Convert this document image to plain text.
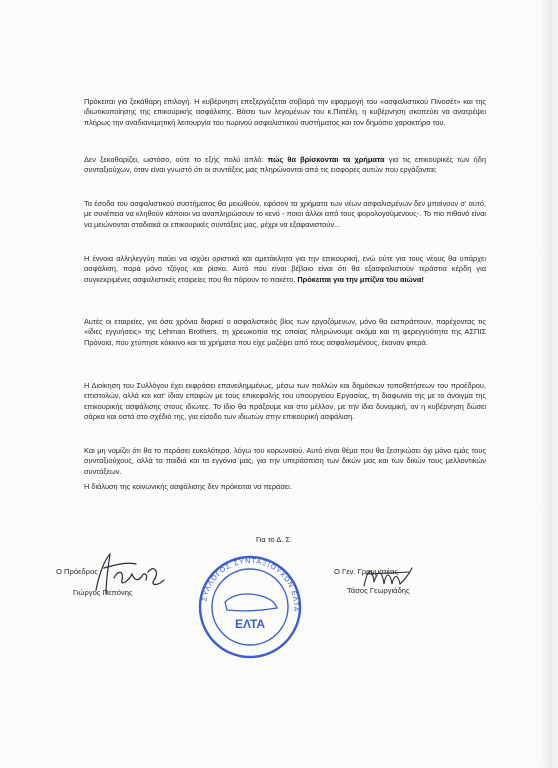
Πρόκειται για ξεκάθαρη επιλογή. Η κυβέρνηση επεξεργάζεται σοβαρά την εφαρμογή του «ασφαλιστικού Πινοσέτ» και της ιδιωτικοποίησης της επικουρικής ασφάλισης. Βάσει των λεγομένων του κ.Πατέλη, η κυβέρνηση σκοπεύει να ανατρέψει πλήρως την αναδιανεμητική λειτουργία του τωρινού ασφαλιστικού συστήματος και τον δημόσιο χαρακτήρα του.
Δεν ξεκαθαρίζει, ωστόσο, ούτε το εξής πολύ απλό: πώς θα βρίσκονται τα χρήματα για τις επικουρικές των ήδη συνταξιούχων, όταν είναι γνωστό ότι οι συντάξεις μας πληρώνονται από τις εισφορές αυτών που εργάζονται;
Τα έσοδα του ασφαλιστικού συστήματος θα μειωθούν, εφόσον τα χρήματα των νέων ασφαλισμένων δεν μπαίνουν σ' αυτό, με συνέπεια να κληθούν κάποιοι να αναπληρώσουν το κενό - ποιοι άλλοι από τους φορολογούμενους-. Το πιο πιθανό είναι να μειώνονται σταδιακά οι επικουρικές συντάξεις μας, μέχρι να εξαφανιστούν...
Η έννοια αλληλεγγύη παύει να ισχύει οριστικά και αμετάκλητα για την επικουρική, ενώ ούτε για τους νέους θα υπάρχει ασφάλιση, παρά μόνο τζόγος και ρίσκο. Αυτό που είναι βέβαιο είναι ότι θα εξασφαλιστούν τεράστια κέρδη για συγκεκριμένες ασφαλιστικές εταιρείες που θα πάρουν το πακέτο. Πρόκειται για την μπίζνα του αιώνα!
Αυτές οι εταιρείες, για όσα χρόνια διαρκεί ο ασφαλιστικός βίος των εργαζόμενων, μόνο θα εισπράττουν, παρέχοντας τις «ίδιες εγγυήσεις» της Lehman Brothers, τη χρεωκοπία της οποίας πληρώνουμε ακόμα και τη φερεγγυότητα της ΑΣΠΙΣ Πρόνοια, που χτύπησε κόκκινο και τα χρήματα που είχε μαζέψει από τους ασφαλισμένους, έκαναν φτερά.
Η Διοίκηση του Συλλόγου έχει εκφράσει επανειλημμένως, μέσω των πολλών και δημόσιων τοποθετήσεων του προέδρου, επιστολών, αλλά και κατ' ίδιαν επαφών με τους επικεφαλής του υπουργείου Εργασίας, τη διαφωνία της με το άνοιγμα της επικουρικής ασφάλισης στους ιδιώτες. Το ίδιο θα πράξουμε και στο μέλλον, με την ίδια δυναμική, αν η κυβέρνηση δώσει σάρκα και οστά στο σχέδιό της, για είσοδο των ιδιωτών στην επικουρική ασφάλιση.
Και μη νομίζει ότι θα το περάσει ευκολότερα, λόγω του κορωνοϊού. Αυτό είναι θέμα που θα ξεσηκώσει όχι μόνο εμάς τους συνταξιούχους, αλλά τα παιδιά και τα εγγόνια μας, για την υπεράσπιση των δικών μας και των δικών τους μελλοντικών συντάξεων.
Η διάλυση της κοινωνικής ασφάλισης δεν πρόκειται να περάσει.
Για το Δ. Σ.
Ο Πρόεδρος
Γιώργος Πεπόνης
Ο Γεν. Γραμματέας
Τάσος Γεωργιάδης
ΣΥΛΛΟΓΟΣ ΣΥΝΤΑΞΙΟΥΧΩΝ ΕΛΤΑ
ΕΛΤΑ
